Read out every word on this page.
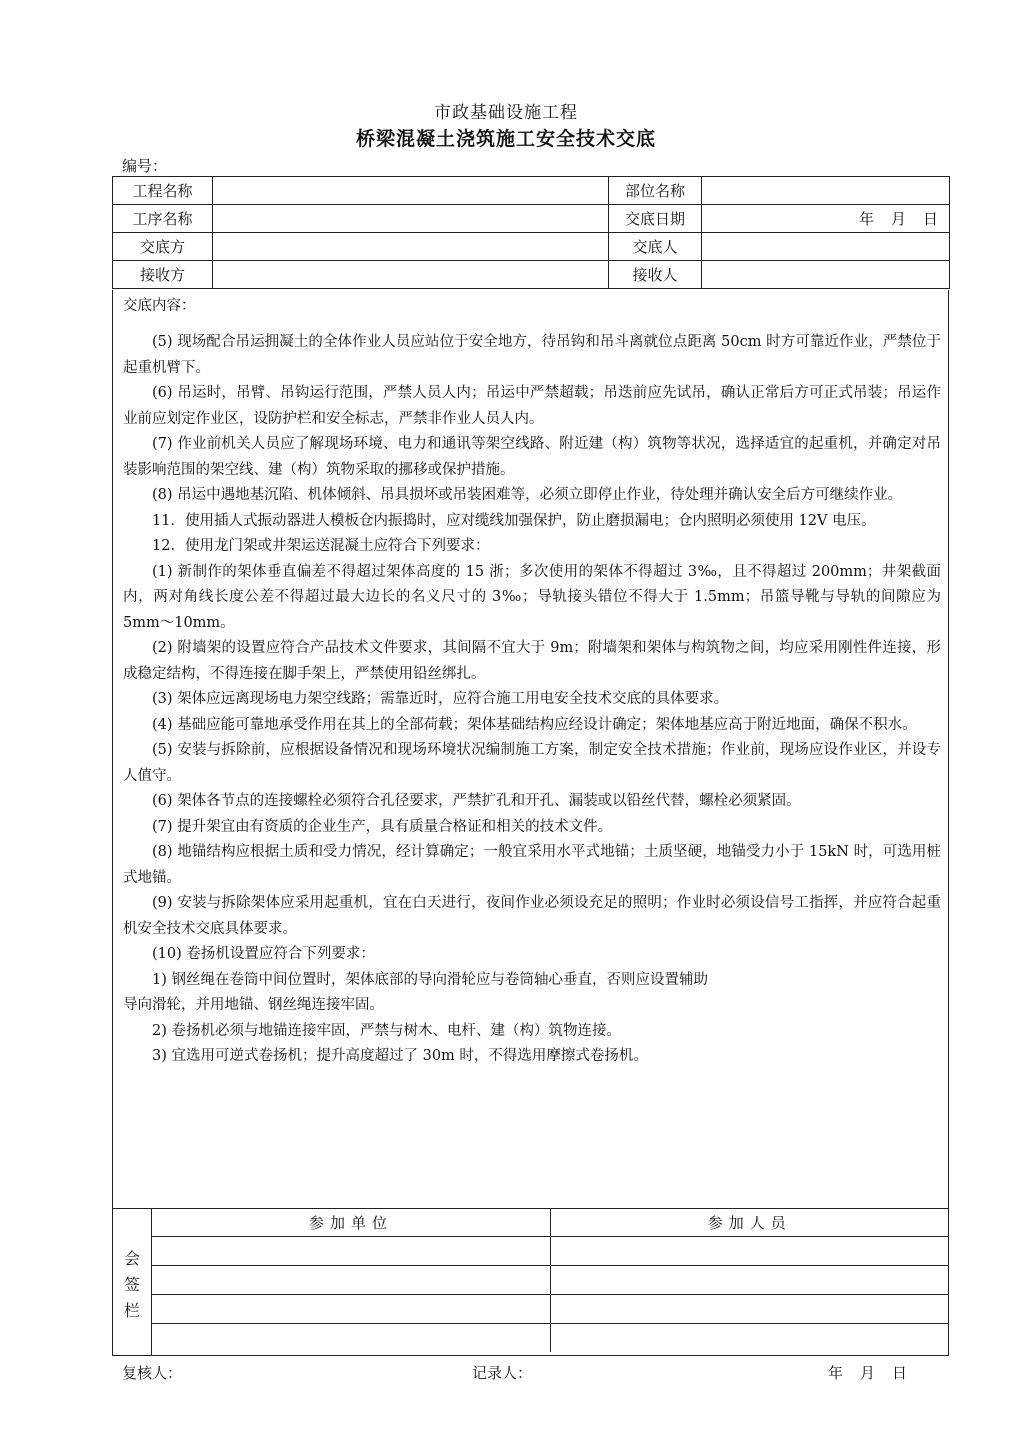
市政基础设施工程
桥梁混凝土浇筑施工安全技术交底
编号：
工程名称		部位名称	
工序名称		交底日期	年　月　日
交底方		交底人	
接收方		接收人	
交底内容：

(5) 现场配合吊运拥凝土的全体作业人员应站位于安全地方，待吊钩和吊斗离就位点距离 50cm 时方可靠近作业，严禁位于起重机臂下。

(6) 吊运时，吊臂、吊钩运行范围，严禁人员人内；吊运中严禁超载；吊迭前应先试吊，确认正常后方可正式吊装；吊运作业前应划定作业区，设防护栏和安全标志，严禁非作业人员人内。

(7) 作业前机关人员应了解现场环境、电力和通讯等架空线路、附近建（构）筑物等状况，选择适宜的起重机，并确定对吊装影响范围的架空线、建（构）筑物采取的挪移或保护措施。

(8) 吊运中遇地基沉陷、机体倾斜、吊具损坏或吊装困难等，必须立即停止作业，待处理并确认安全后方可继续作业。

11．使用插人式振动器进人模板仓内振捣时，应对缆线加强保护，防止磨损漏电；仓内照明必须使用 12V 电压。

12．使用龙门架或井架运送混凝土应符合下列要求：

(1) 新制作的架体垂直偏差不得超过架体高度的 15 浙；多次使用的架体不得超过 3‰，且不得超过 200mm；井架截面内，两对角线长度公差不得超过最大边长的名义尺寸的 3‰；导轨接头错位不得大于 1.5mm；吊篮导靴与导轨的间隙应为 5mm～10mm。

(2) 附墙架的设置应符合产品技术文件要求，其间隔不宜大于 9m；附墙架和架体与构筑物之间，均应采用刚性件连接，形成稳定结构，不得连接在脚手架上，严禁使用铅丝绑扎。

(3) 架体应远离现场电力架空线路；需靠近时，应符合施工用电安全技术交底的具体要求。

(4) 基础应能可靠地承受作用在其上的全部荷载；架体基础结构应经设计确定；架体地基应高于附近地面，确保不积水。

(5) 安装与拆除前，应根据设备情况和现场环境状况编制施工方案，制定安全技术措施；作业前，现场应设作业区，并设专人值守。

(6) 架体各节点的连接螺栓必须符合孔径要求，严禁扩孔和开孔、漏装或以铅丝代替，螺栓必须紧固。

(7) 提升架宜由有资质的企业生产，具有质量合格证和相关的技术文件。

(8) 地锚结构应根据土质和受力情况，经计算确定；一般宜采用水平式地锚；土质坚硬，地锚受力小于 15kN 时，可选用桩式地锚。

(9) 安装与拆除架体应采用起重机，宜在白天进行，夜间作业必须设充足的照明；作业时必须设信号工指挥，并应符合起重机安全技术交底具体要求。

(10) 卷扬机设置应符合下列要求：

1) 钢丝绳在卷筒中间位置时，架体底部的导向滑轮应与卷筒轴心垂直，否则应设置辅助

导向滑轮，并用地锚、钢丝绳连接牢固。

2) 卷扬机必须与地锚连接牢固，严禁与树木、电杆、建（构）筑物连接。

3) 宜选用可逆式卷扬机；提升高度超过了 30m 时，不得选用摩擦式卷扬机。

会
签
栏
参加单位	参加人员

复核人：	记录人：	年　月　日
